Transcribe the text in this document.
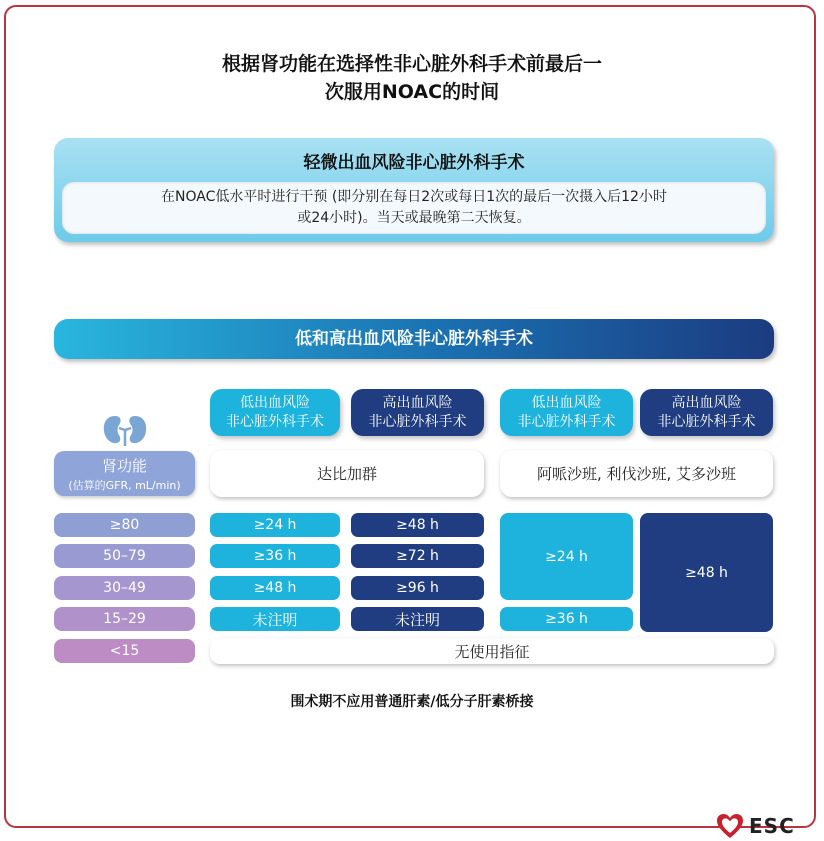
根据肾功能在选择性非心脏外科手术前最后一
次服用NOAC的时间
轻微出血风险非心脏外科手术
在NOAC低水平时进行干预 (即分别在每日2次或每日1次的最后一次摄入后12小时
或24小时)。当天或最晚第二天恢复。
低和高出血风险非心脏外科手术
低出血风险
非心脏外科手术
高出血风险
非心脏外科手术
低出血风险
非心脏外科手术
高出血风险
非心脏外科手术
肾功能
(估算的GFR, mL/min)
达比加群	阿哌沙班, 利伐沙班, 艾多沙班
≥80
50–79
30–49
15–29
<15
≥24 h
≥36 h
≥48 h
未注明
≥48 h
≥72 h
≥96 h
未注明
≥24 h
≥36 h
≥48 h
无使用指征
围术期不应用普通肝素/低分子肝素桥接
ESC
